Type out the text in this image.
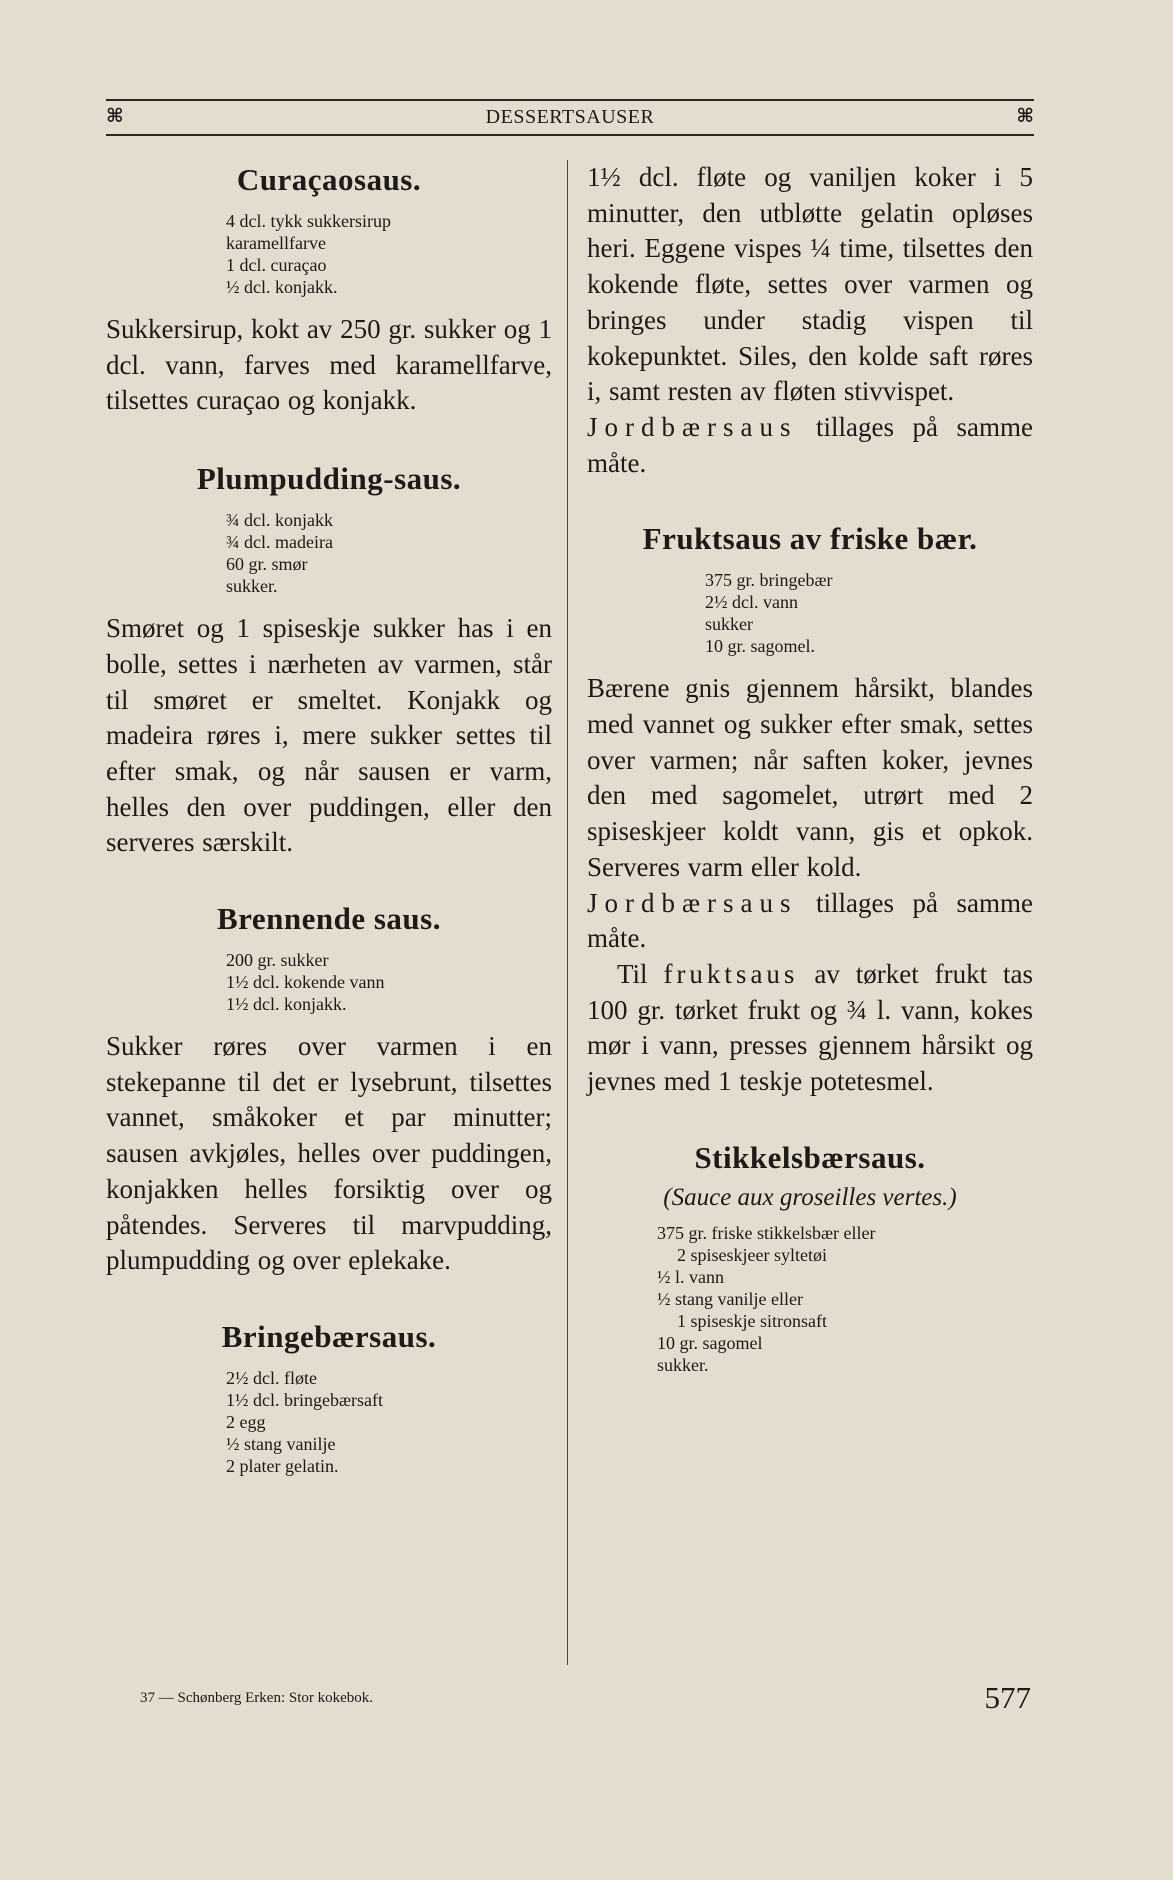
⌘	DESSERTSAUSER	⌘
Curaçaosaus.
4 dcl. tykk sukkersirup
karamellfarve
1 dcl. curaçao
½ dcl. konjakk.

Sukkersirup, kokt av 250 gr. sukker og 1 dcl. vann, farves med karamellfarve, tilsettes curaçao og konjakk.

Plumpudding-saus.
¾ dcl. konjakk
¾ dcl. madeira
60 gr. smør
sukker.

Smøret og 1 spiseskje sukker has i en bolle, settes i nærheten av varmen, står til smøret er smeltet. Konjakk og madeira røres i, mere sukker settes til efter smak, og når sausen er varm, helles den over puddingen, eller den serveres særskilt.

Brennende saus.
200 gr. sukker
1½ dcl. kokende vann
1½ dcl. konjakk.

Sukker røres over varmen i en stekepanne til det er lysebrunt, tilsettes vannet, småkoker et par minutter; sausen avkjøles, helles over puddingen, konjakken helles forsiktig over og påtendes. Serveres til marvpudding, plumpudding og over eplekake.

Bringebærsaus.
2½ dcl. fløte
1½ dcl. bringebærsaft
2 egg
½ stang vanilje
2 plater gelatin.

1½ dcl. fløte og vaniljen koker i 5 minutter, den utbløtte gelatin opløses heri. Eggene vispes ¼ time, tilsettes den kokende fløte, settes over varmen og bringes under stadig vispen til kokepunktet. Siles, den kolde saft røres i, samt resten av fløten stivvispet.

Jordbærsaus tillages på samme måte.

Fruktsaus av friske bær.
375 gr. bringebær
2½ dcl. vann
sukker
10 gr. sagomel.

Bærene gnis gjennem hårsikt, blandes med vannet og sukker efter smak, settes over varmen; når saften koker, jevnes den med sagomelet, utrørt med 2 spiseskjeer koldt vann, gis et opkok. Serveres varm eller kold.

Jordbærsaus tillages på samme måte.

Til fruktsaus av tørket frukt tas 100 gr. tørket frukt og ¾ l. vann, kokes mør i vann, presses gjennem hårsikt og jevnes med 1 teskje potetesmel.

Stikkelsbærsaus.
(Sauce aux groseilles vertes.)
375 gr. friske stikkelsbær eller
2 spiseskjeer syltetøi
½ l. vann
½ stang vanilje eller
1 spiseskje sitronsaft
10 gr. sagomel
sukker.
37 — Schønberg Erken: Stor kokebok.	577
